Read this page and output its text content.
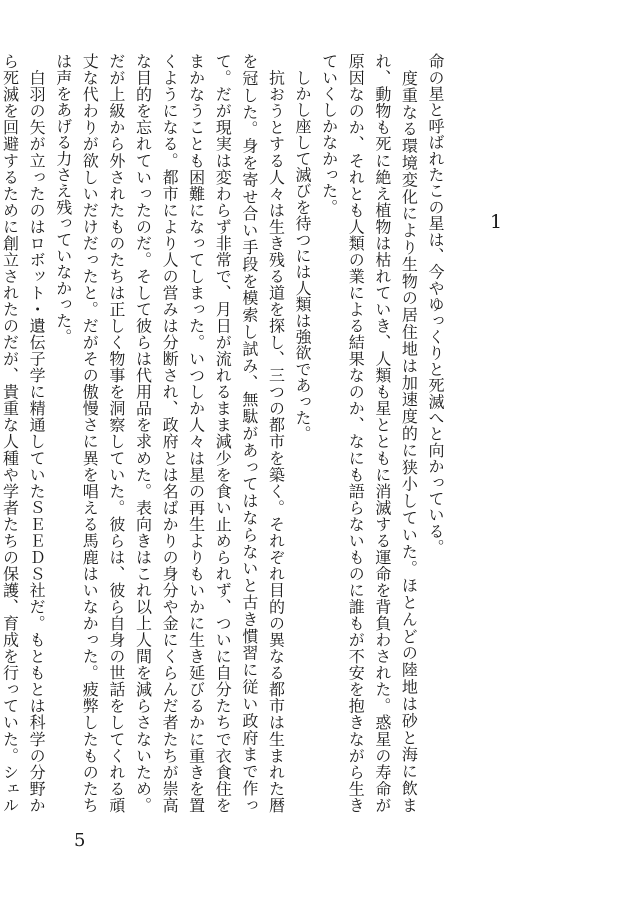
1

命の星と呼ばれたこの星は、今やゆっくりと死滅へと向かっている。

　度重なる環境変化により生物の居住地は加速度的に狭小していた。ほとんどの陸地は砂と海に飲まれ、動物も死に絶え植物は枯れていき、人類も星とともに消滅する運命を背負わされた。惑星の寿命が原因なのか、それとも人類の業による結果なのか、なにも語らないものに誰もが不安を抱きながら生きていくしかなかった。

　しかし座して滅びを待つには人類は強欲であった。

　抗おうとする人々は生き残る道を探し、三つの都市を築く。それぞれ目的の異なる都市は生まれた暦を冠した。身を寄せ合い手段を模索し試み、無駄があってはならないと古き慣習に従い政府まで作って。だが現実は変わらず非常で、月日が流れるまま減少を食い止められず、ついに自分たちで衣食住をまかなうことも困難になってしまった。いつしか人々は星の再生よりもいかに生き延びるかに重きを置くようになる。都市により人の営みは分断され、政府とは名ばかりの身分や金にくらんだ者たちが崇高な目的を忘れていったのだ。そして彼らは代用品を求めた。表向きはこれ以上人間を減らさないため。だが上級から外されたものたちは正しく物事を洞察していた。彼らは、彼ら自身の世話をしてくれる頑丈な代わりが欲しいだけだったと。だがその傲慢さに異を唱える馬鹿はいなかった。疲弊したものたちは声をあげる力さえ残っていなかった。

　白羽の矢が立ったのはロボット・遺伝子学に精通していたＳＥＥＤＳ社だ。もともとは科学の分野から死滅を回避するために創立されたのだが、貴重な人種や学者たちの保護、育成を行っていた。シェル

5
